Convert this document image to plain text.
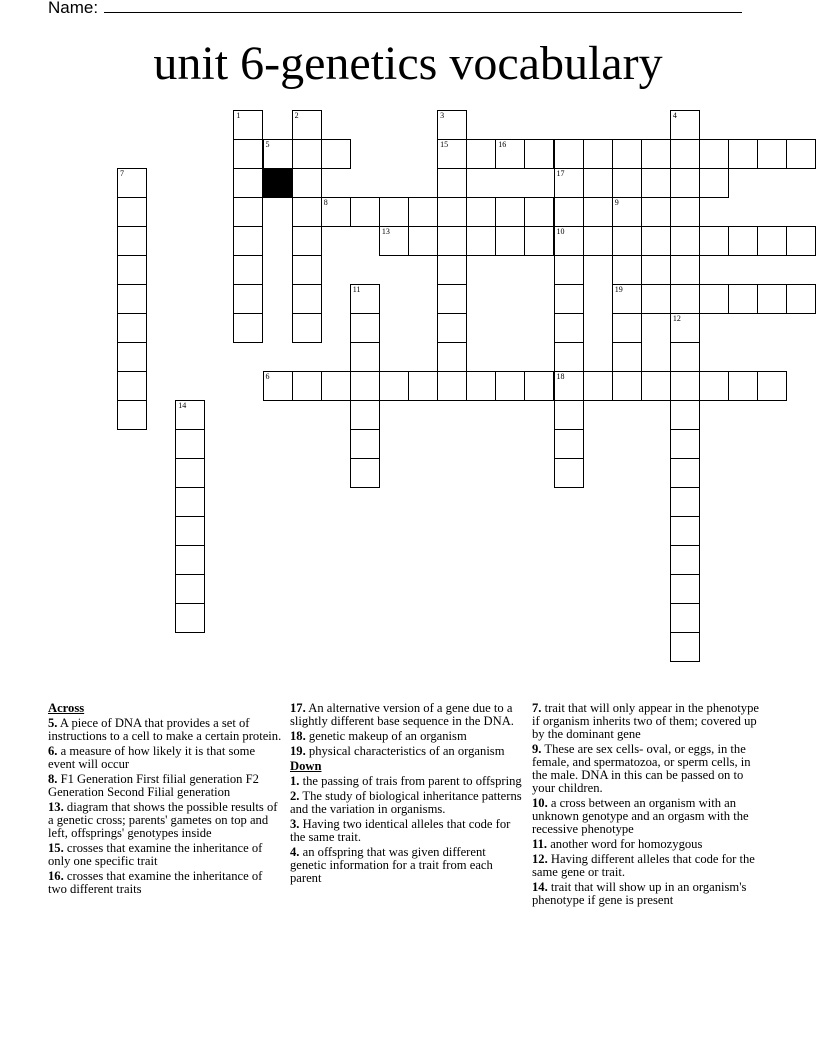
Name:
unit 6-genetics vocabulary
5
6	18
8	9
13	10
15	16
17
19
1	2	3	4
7
11
12
14
Across
5. A piece of DNA that provides a set of instructions to a cell to make a certain protein.
6. a measure of how likely it is that some event will occur
8. F1 Generation First filial generation F2 Generation Second Filial generation
13. diagram that shows the possible results of a genetic cross; parents' gametes on top and left, offsprings' genotypes inside
15. crosses that examine the inheritance of only one specific trait
16. crosses that examine the inheritance of two different traits
17. An alternative version of a gene due to a slightly different base sequence in the DNA.
18. genetic makeup of an organism
19. physical characteristics of an organism
Down
1. the passing of trais from parent to offspring
2. The study of biological inheritance patterns and the variation in organisms.
3. Having two identical alleles that code for the same trait.
4. an offspring that was given different genetic information for a trait from each parent
7. trait that will only appear in the phenotype if organism inherits two of them; covered up by the dominant gene
9. These are sex cells- oval, or eggs, in the female, and spermatozoa, or sperm cells, in the male. DNA in this can be passed on to your children.
10. a cross between an organism with an unknown genotype and an orgasm with the recessive phenotype
11. another word for homozygous
12. Having different alleles that code for the same gene or trait.
14. trait that will show up in an organism's phenotype if gene is present
